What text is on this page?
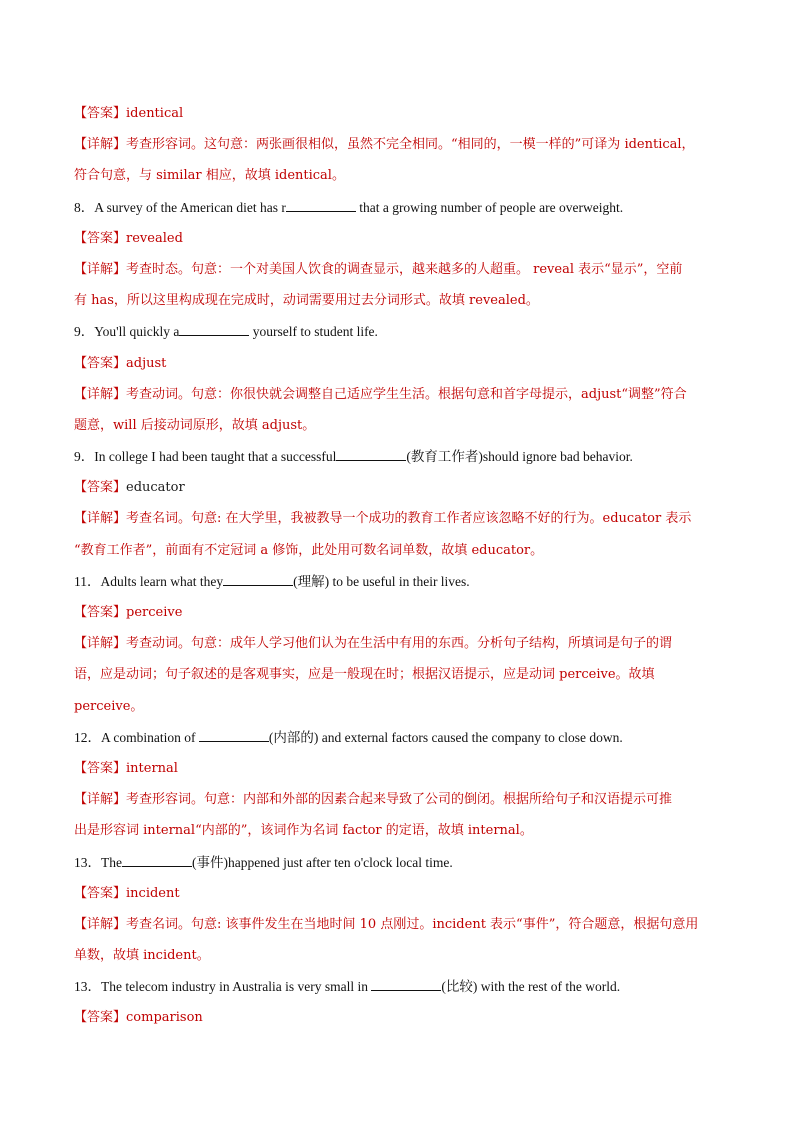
【答案】identical
【详解】考查形容词。这句意：两张画很相似，虽然不完全相同。“相同的，一模一样的”可译为 identical，
符合句意，与 similar 相应，故填 identical。
8．A survey of the American diet has r	that a growing number of people are overweight.
【答案】revealed
【详解】考查时态。句意：一个对美国人饮食的调查显示，越来越多的人超重。 reveal 表示“显示”，空前
有 has，所以这里构成现在完成时，动词需要用过去分词形式。故填 revealed。
9．You'll quickly a	yourself to student life.
【答案】adjust
【详解】考查动词。句意：你很快就会调整自己适应学生生活。根据句意和首字母提示，adjust“调整”符合
题意，will 后接动词原形，故填 adjust。
9．In college I had been taught that a successful	(教育工作者)should ignore bad behavior.
【答案】educator
【详解】考查名词。句意: 在大学里，我被教导一个成功的教育工作者应该忽略不好的行为。educator 表示
“教育工作者”，前面有不定冠词 a 修饰，此处用可数名词单数，故填 educator。
11．Adults learn what they	(理解) to be useful in their lives.
【答案】perceive
【详解】考查动词。句意：成年人学习他们认为在生活中有用的东西。分析句子结构，所填词是句子的谓
语，应是动词；句子叙述的是客观事实，应是一般现在时；根据汉语提示，应是动词 perceive。故填
perceive。
12．A combination of	(内部的) and external factors caused the company to close down.
【答案】internal
【详解】考查形容词。句意：内部和外部的因素合起来导致了公司的倒闭。根据所给句子和汉语提示可推
出是形容词 internal“内部的”，该词作为名词 factor 的定语，故填 internal。
13．The	(事件)happened just after ten o'clock local time.
【答案】incident
【详解】考查名词。句意: 该事件发生在当地时间 10 点刚过。incident 表示“事件”，符合题意，根据句意用
单数，故填 incident。
13．The telecom industry in Australia is very small in	(比较) with the rest of the world.
【答案】comparison
